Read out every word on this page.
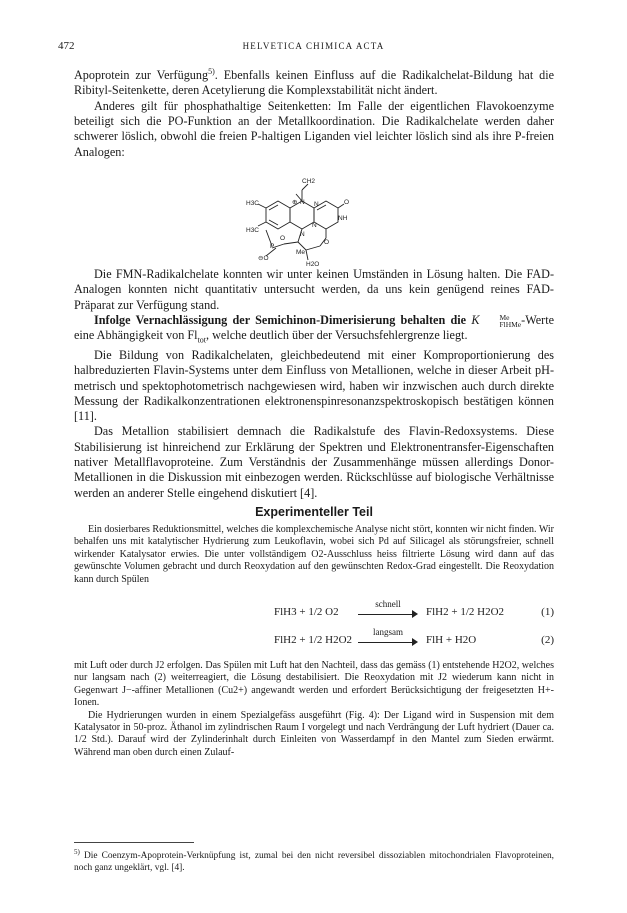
472	HELVETICA CHIMICA ACTA

Apoprotein zur Verfügung$^{5)}$. Ebenfalls keinen Einfluss auf die Radikalchelat-Bildung hat die Ribityl-Seitenkette, deren Acetylierung die Komplexstabilität nicht ändert.

Anderes gilt für phosphathaltige Seitenketten: Im Falle der eigentlichen Flavokoenzyme beteiligt sich die PO-Funktion an der Metallkoordination. Die Radikalchelate werden daher schwerer löslich, obwohl die freien P-haltigen Liganden viel leichter löslich sind als ihre P-freien Analogen:

CH2
H3C
H3C
N
N
N
N
O
NH
O
P
O
⊖O
Me
H2O
⊕

Die FMN-Radikalchelate konnten wir unter keinen Umständen in Lösung halten. Die FAD-Analogen konnten nicht quantitativ untersucht werden, da uns kein genügend reines FAD-Präparat zur Verfügung stand.

Infolge Vernachlässigung der Semichinon-Dimerisierung behalten die K	Me
FlHMe -Werte eine Abhängigkeit von $Fl_{tot}$, welche deutlich über der Versuchsfehlergrenze liegt.

Die Bildung von Radikalchelaten, gleichbedeutend mit einer Komproportionierung des halbreduzierten Flavin-Systems unter dem Einfluss von Metallionen, welche in dieser Arbeit pH-metrisch und spektophotometrisch nachgewiesen wird, haben wir inzwischen auch durch direkte Messung der Radikalkonzentrationen elektronenspinresonanzspektroskopisch bestätigen können [11].

Das Metallion stabilisiert demnach die Radikalstufe des Flavin-Redoxsystems. Diese Stabilisierung ist hinreichend zur Erklärung der Spektren und Elektronentransfer-Eigenschaften nativer Metallflavoproteine. Zum Verständnis der Zusammenhänge müssen allerdings Donor-Metallionen in die Diskussion mit einbezogen werden. Rückschlüsse auf biologische Verhältnisse werden an anderer Stelle eingehend diskutiert [4].

Experimenteller Teil

Ein dosierbares Reduktionsmittel, welches die komplexchemische Analyse nicht stört, konnten wir nicht finden. Wir behalfen uns mit katalytischer Hydrierung zum Leukoflavin, wobei sich Pd auf Silicagel als störungsfreier, schnell wirkender Katalysator erwies. Die unter vollständigem O2-Ausschluss heiss filtrierte Lösung wird dann auf das gewünschte Volumen gebracht und durch Reoxydation auf den gewünschten Redox-Grad eingestellt. Die Reoxydation kann durch Spülen

FlH3 + 1/2 O2
schnell
FlH2 + 1/2 H2O2	(1)
FlH2 + 1/2 H2O2
langsam
FlH + H2O	(2)

mit Luft oder durch J2 erfolgen. Das Spülen mit Luft hat den Nachteil, dass das gemäss (1) entstehende H2O2, welches nur langsam nach (2) weiterreagiert, die Lösung destabilisiert. Die Reoxydation mit J2 wiederum kann nicht in Gegenwart J−-affiner Metallionen (Cu2+) angewandt werden und erfordert Berücksichtigung der freigesetzten H+-Ionen.

Die Hydrierungen wurden in einem Spezialgefäss ausgeführt (Fig. 4): Der Ligand wird in Suspension mit dem Katalysator in 50-proz. Äthanol im zylindrischen Raum I vorgelegt und nach Verdrängung der Luft hydriert (Dauer ca. 1/2 Std.). Darauf wird der Zylinderinhalt durch Einleiten von Wasserdampf in den Mantel zum Sieden erwärmt. Während man oben durch einen Zulauf-

$^{5)}$ Die Coenzym-Apoprotein-Verknüpfung ist, zumal bei den nicht reversibel dissoziablen mitochondrialen Flavoproteinen, noch ganz ungeklärt, vgl. [4].
